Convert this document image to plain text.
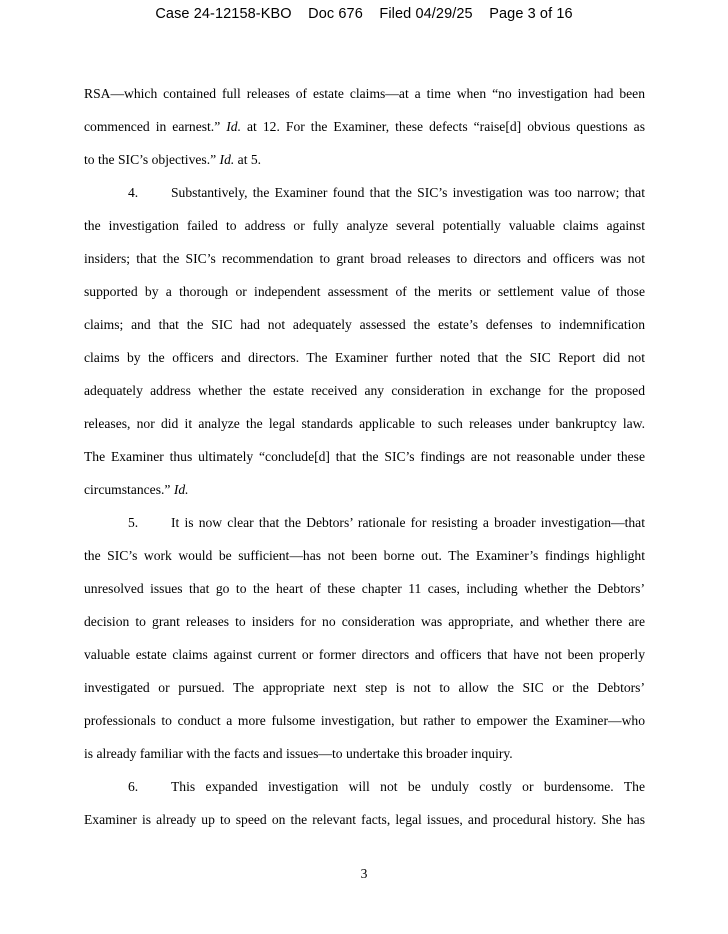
Case 24-12158-KBO Doc 676 Filed 04/29/25 Page 3 of 16
RSA—which contained full releases of estate claims—at a time when “no investigation had been
commenced in earnest.” Id. at 12. For the Examiner, these defects “raise[d] obvious questions as
to the SIC’s objectives.” Id. at 5.
4. Substantively, the Examiner found that the SIC’s investigation was too narrow; that
the investigation failed to address or fully analyze several potentially valuable claims against
insiders; that the SIC’s recommendation to grant broad releases to directors and officers was not
supported by a thorough or independent assessment of the merits or settlement value of those
claims; and that the SIC had not adequately assessed the estate’s defenses to indemnification
claims by the officers and directors. The Examiner further noted that the SIC Report did not
adequately address whether the estate received any consideration in exchange for the proposed
releases, nor did it analyze the legal standards applicable to such releases under bankruptcy law.
The Examiner thus ultimately “conclude[d] that the SIC’s findings are not reasonable under these
circumstances.” Id.
5. It is now clear that the Debtors’ rationale for resisting a broader investigation—that
the SIC’s work would be sufficient—has not been borne out. The Examiner’s findings highlight
unresolved issues that go to the heart of these chapter 11 cases, including whether the Debtors’
decision to grant releases to insiders for no consideration was appropriate, and whether there are
valuable estate claims against current or former directors and officers that have not been properly
investigated or pursued. The appropriate next step is not to allow the SIC or the Debtors’
professionals to conduct a more fulsome investigation, but rather to empower the Examiner—who
is already familiar with the facts and issues—to undertake this broader inquiry.
6. This expanded investigation will not be unduly costly or burdensome. The
Examiner is already up to speed on the relevant facts, legal issues, and procedural history. She has
3
